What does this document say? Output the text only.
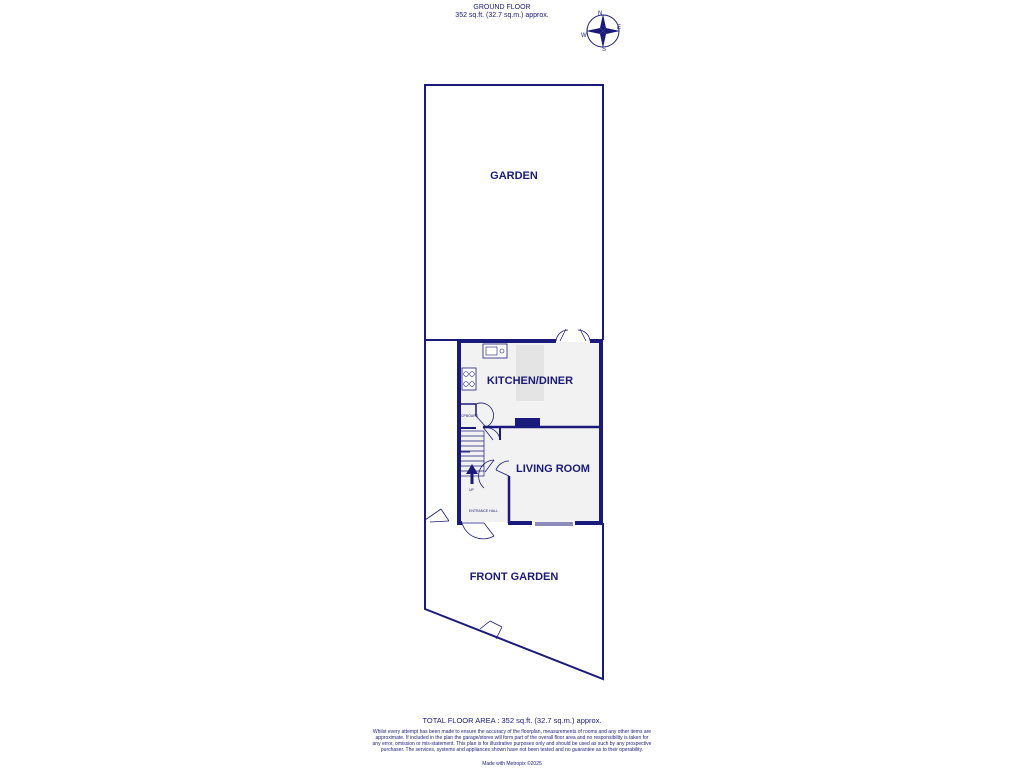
GROUND FLOOR
352 sq.ft. (32.7 sq.m.) approx.	N
E
S
W
GARDEN
KITCHEN/DINER
LIVING ROOM
FRONT GARDEN
CPBOARD
ENTRANCE HALL
UP
TOTAL FLOOR AREA : 352 sq.ft. (32.7 sq.m.) approx.
Whilst every attempt has been made to ensure the accuracy of the floorplan, measurements of rooms and any other items are approximate. If included in the plan the garage/stores will form part of the overall floor area and no responsibility is taken for any error, omission or mis-statement. This plan is for illustrative purposes only and should be used as such by any prospective purchaser. The services, systems and appliances shown have not been tested and no guarantee as to their operability.
Made with Metropix ©2025
